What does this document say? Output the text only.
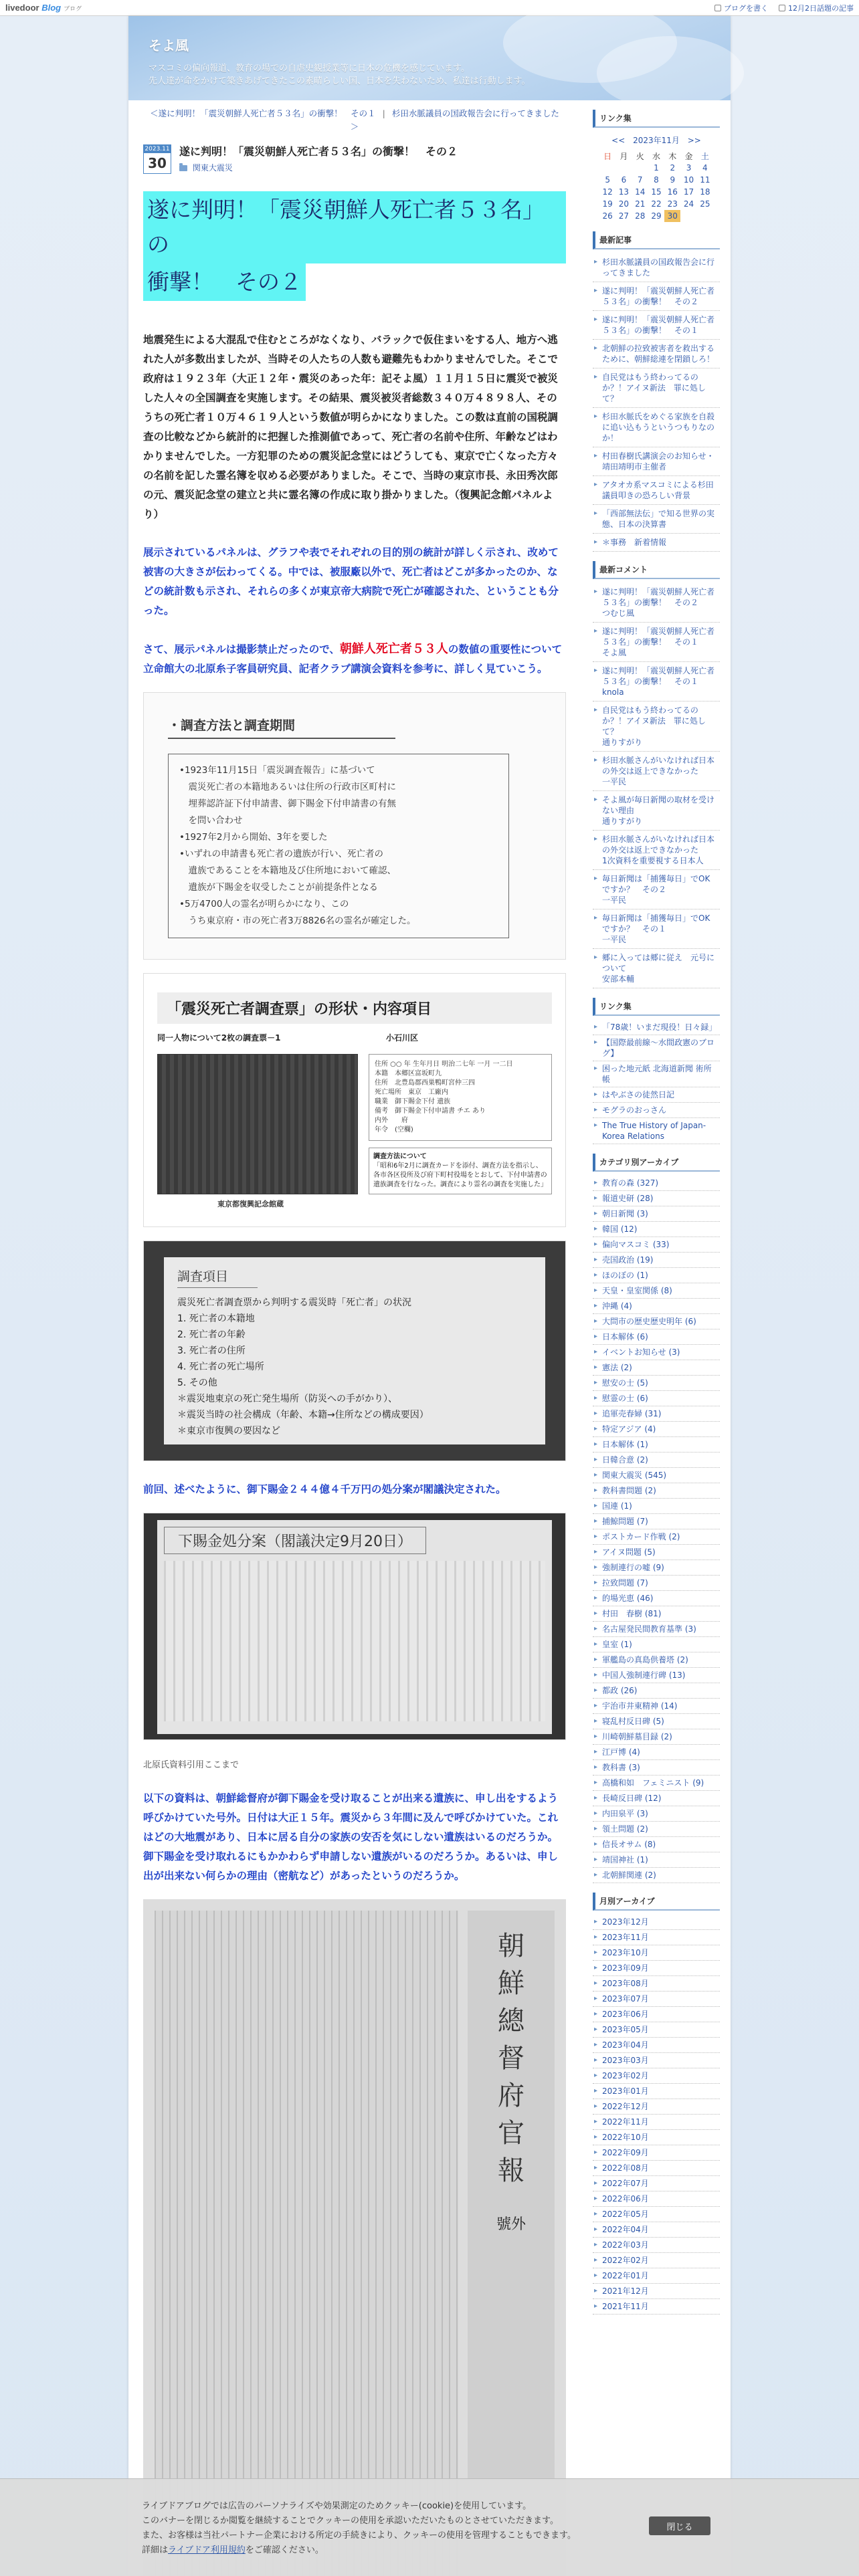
livedoor Blog ブログ	ブログを書く	12月2日話題の記事
そよ風
マスコミの偏向報道、教育の場での自虐史観授業等に日本の危機を感じています。
先人達が命をかけて築きあげてきたこの素晴らしい国、日本を失わないため、私達は行動します。
＜遂に判明！「震災朝鮮人死亡者５３名」の衝撃！　その１ | 杉田水脈議員の国政報告会に行ってきました＞
2023.11
30
遂に判明！「震災朝鮮人死亡者５３名」の衝撃！　その２
関東大震災
遂に判明！「震災朝鮮人死亡者５３名」の
衝撃！　その２

地震発生による大混乱で住むところがなくなり、バラックで仮住まいをする人、地方へ逃れた人が多数出ましたが、当時その人たちの人数も避難先もわかりませんでした。そこで政府は１９２３年（大正１２年・震災のあった年：記そよ風）１１月１５日に震災で被災した人々の全国調査を実施します。その結果、震災被災者総数３４０万４８９８人、そのうちの死亡者１０万４６１９人という数値が明らかになりました。この数は直前の国税調査の比較などから統計的に把握した推測値であって、死亡者の名前や住所、年齢などはわかりませんでした。一方犯罪のための震災記念堂にはどうしても、東京で亡くなった方々の名前を記した霊名簿を収める必要がありました。そこで、当時の東京市長、永田秀次郎の元、震災記念堂の建立と共に霊名簿の作成に取り掛かりました。（復興記念館パネルより）

展示されているパネルは、グラフや表でそれぞれの目的別の統計が詳しく示され、改めて被害の大きさが伝わってくる。中では、被服廠以外で、死亡者はどこが多かったのか、などの統計数も示され、それらの多くが東京帝大病院で死亡が確認された、ということも分った。

さて、展示パネルは撮影禁止だったので、朝鮮人死亡者５３人の数値の重要性について立命館大の北原糸子客員研究員、記者クラブ講演会資料を参考に、詳しく見ていこう。

・調査方法と調査期間
•1923年11月15日「震災調査報告」に基づいて
　震災死亡者の本籍地あるいは住所の行政市区町村に
　埋葬認許証下付申請書、御下賜金下付申請書の有無
　を問い合わせ
•1927年2月から開始、3年を要した
•いずれの申請書も死亡者の遺族が行い、死亡者の
　遺族であることを本籍地及び住所地において確認、
　遺族が下賜金を収受したことが前提条件となる
•5万4700人の霊名が明らかになり、この
　うち東京府・市の死亡者3万8826名の霊名が確定した。
「震災死亡者調査票」の形状・内容項目
同一人物について2枚の調査票－1	小石川区
住所 ○○ 年 生年月日 明治二七年 一月 一二日
本籍　本郷区富坂町九
住所　北豊島郡西巣鴨町宮仲三四
死亡場所　東京　工廠内
職業　御下賜金下付 遺族
備考　御下賜金下付申請書 チエ あり
内外　　府
年令　(空欄)
調査方法について
「昭和6年2月に調査カードを添付、調査方法を指示し、各市各区役所及び府下町村役場をとおして、下付申請書の遺族調査を行なった。調査により霊名の調査を実施した」
東京都復興記念館蔵
調査項目
震災死亡者調査票から判明する震災時「死亡者」の状況
1. 死亡者の本籍地
2. 死亡者の年齢
3. 死亡者の住所
4. 死亡者の死亡場所
5. その他
＊震災地東京の死亡発生場所（防災への手がかり）、
＊震災当時の社会構成（年齢、本籍→住所などの構成要因）
＊東京市復興の要因など

前回、述べたように、御下賜金２４４億４千万円の処分案が閣議決定された。

下賜金処分案（閣議決定9月20日）

北原氏資料引用ここまで

以下の資料は、朝鮮総督府が御下賜金を受け取ることが出来る遺族に、申し出をするよう呼びかけていた号外。日付は大正１５年。震災から３年間に及んで呼びかけていた。これはどの大地震があり、日本に居る自分の家族の安否を気にしない遺族はいるのだろうか。御下賜金を受け取れるにもかかわらず申請しない遺族がいるのだろうか。あるいは、申し出が出来ない何らかの理由（密航など）があったというのだろうか。

朝
鮮
總
督
府
官
報
號外
リンク集
<< 2023年11月 >>
日	月	火	水	木	金	土
			1	2	3	4
5	6	7	8	9	10	11
12	13	14	15	16	17	18
19	20	21	22	23	24	25
26	27	28	29	30		
最新記事
▸ 杉田水脈議員の国政報告会に行ってきました
▸ 遂に判明！「震災朝鮮人死亡者５３名」の衝撃！　その２
▸ 遂に判明！「震災朝鮮人死亡者５３名」の衝撃！　その１
▸ 北朝鮮の拉致被害者を救出するために、朝鮮総連を閉鎖しろ！
▸ 自民党はもう終わってるのか？！アイヌ新法　罪に処して？
▸ 杉田水脈氏をめぐる家族を自殺に追い込もうというつもりなのか！
▸ 村田春樹氏講演会のお知らせ・靖田靖明市主催者
▸ アタオカ系マスコミによる杉田議員叩きの恐ろしい背景
▸ 「西部無法伝」で知る世界の実態、日本の決算書
▸ ＊事務　新着情報
最新コメント
▸ 遂に判明！「震災朝鮮人死亡者５３名」の衝撃！　その２
つむじ風
▸ 遂に判明！「震災朝鮮人死亡者５３名」の衝撃！　その１
そよ風
▸ 遂に判明！「震災朝鮮人死亡者５３名」の衝撃！　その１
knola
▸ 自民党はもう終わってるのか？！アイヌ新法　罪に処して？
通りすがり
▸ 杉田水脈さんがいなければ日本の外交は返上できなかった
一平民
▸ そよ風が毎日新聞の取材を受けない理由
通りすがり
▸ 杉田水脈さんがいなければ日本の外交は返上できなかった
1次資料を重要視する日本人
▸ 毎日新聞は「捕獲毎日」でOKですか？　その２
一平民
▸ 毎日新聞は「捕獲毎日」でOKですか？　その１
一平民
▸ 郷に入っては郷に従え　元号について
安部本輔
リンク集
▸ 「78歳！いまだ現役！日々録」
▸ 【国際最前線～水間政憲のブログ】
▸ 困った地元紙 北海道新聞 術所 帳
▸ はやぶさの徒然日記
▸ モグラのおっさん
▸ The True History of Japan-Korea Relations
カテゴリ別アーカイブ
▸ 教育の森 (327)
▸ 報道史研 (28)
▸ 朝日新聞 (3)
▸ 韓国 (12)
▸ 偏向マスコミ (33)
▸ 売国政治 (19)
▸ ほのぼの (1)
▸ 天皇・皇室関係 (8)
▸ 沖縄 (4)
▸ 大問市の歴史歴史明年 (6)
▸ 日本解体 (6)
▸ イベントお知らせ (3)
▸ 憲法 (2)
▸ 慰安の士 (5)
▸ 慰霊の士 (6)
▸ 追軍売春婦 (31)
▸ 特定アジア (4)
▸ 日本解体 (1)
▸ 日韓合意 (2)
▸ 関東大震災 (545)
▸ 教科書問題 (2)
▸ 国連 (1)
▸ 捕鯨問題 (7)
▸ ポストカード作戦 (2)
▸ アイヌ問題 (5)
▸ 強制連行の嘘 (9)
▸ 拉致問題 (7)
▸ 的場光恵 (46)
▸ 村田　春樹 (81)
▸ 名古屋発民間教育基準 (3)
▸ 皇室 (1)
▸ 軍艦島の真島供養塔 (2)
▸ 中国人強制連行碑 (13)
▸ 都政 (26)
▸ 宇治市井東精神 (14)
▸ 寝乱村反日碑 (5)
▸ 川崎朝鮮墓目録 (2)
▸ 江戸博 (4)
▸ 教科書 (3)
▸ 高橋和如　フェミニスト (9)
▸ 長崎反日碑 (12)
▸ 内田泉平 (3)
▸ 領土問題 (2)
▸ 信長オサム (8)
▸ 靖国神社 (1)
▸ 北朝鮮関連 (2)
月別アーカイブ
▸ 2023年12月
▸ 2023年11月
▸ 2023年10月
▸ 2023年09月
▸ 2023年08月
▸ 2023年07月
▸ 2023年06月
▸ 2023年05月
▸ 2023年04月
▸ 2023年03月
▸ 2023年02月
▸ 2023年01月
▸ 2022年12月
▸ 2022年11月
▸ 2022年10月
▸ 2022年09月
▸ 2022年08月
▸ 2022年07月
▸ 2022年06月
▸ 2022年05月
▸ 2022年04月
▸ 2022年03月
▸ 2022年02月
▸ 2022年01月
▸ 2021年12月
▸ 2021年11月
ライブドアブログでは広告のパーソナライズや効果測定のためクッキー(cookie)を使用しています。
このバナーを閉じるか閲覧を継続することでクッキーの使用を承認いただいたものとさせていただきます。
また、お客様は当社パートナー企業における所定の手続きにより、クッキーの使用を管理することもできます。
詳細はライブドア利用規約をご確認ください。
閉じる
